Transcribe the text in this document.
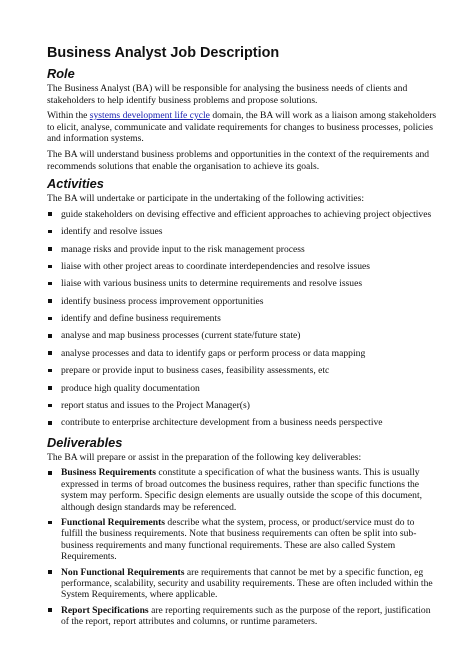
Business Analyst Job Description
Role

The Business Analyst (BA) will be responsible for analysing the business needs of clients and stakeholders to help identify business problems and propose solutions.

Within the systems development life cycle domain, the BA will work as a liaison among stakeholders to elicit, analyse, communicate and validate requirements for changes to business processes, policies and information systems.

The BA will understand business problems and opportunities in the context of the requirements and recommends solutions that enable the organisation to achieve its goals.

Activities

The BA will undertake or participate in the undertaking of the following activities:

guide stakeholders on devising effective and efficient approaches to achieving project objectives
identify and resolve issues
manage risks and provide input to the risk management process
liaise with other project areas to coordinate interdependencies and resolve issues
liaise with various business units to determine requirements and resolve issues
identify business process improvement opportunities
identify and define business requirements
analyse and map business processes (current state/future state)
analyse processes and data to identify gaps or perform process or data mapping
prepare or provide input to business cases, feasibility assessments, etc
produce high quality documentation
report status and issues to the Project Manager(s)
contribute to enterprise architecture development from a business needs perspective
Deliverables

The BA will prepare or assist in the preparation of the following key deliverables:

Business Requirements constitute a specification of what the business wants. This is usually expressed in terms of broad outcomes the business requires, rather than specific functions the system may perform. Specific design elements are usually outside the scope of this document, although design standards may be referenced.
Functional Requirements describe what the system, process, or product/service must do to fulfill the business requirements. Note that business requirements can often be split into sub-business requirements and many functional requirements. These are also called System Requirements.
Non Functional Requirements are requirements that cannot be met by a specific function, eg performance, scalability, security and usability requirements. These are often included within the System Requirements, where applicable.
Report Specifications are reporting requirements such as the purpose of the report, justification of the report, report attributes and columns, or runtime parameters.
